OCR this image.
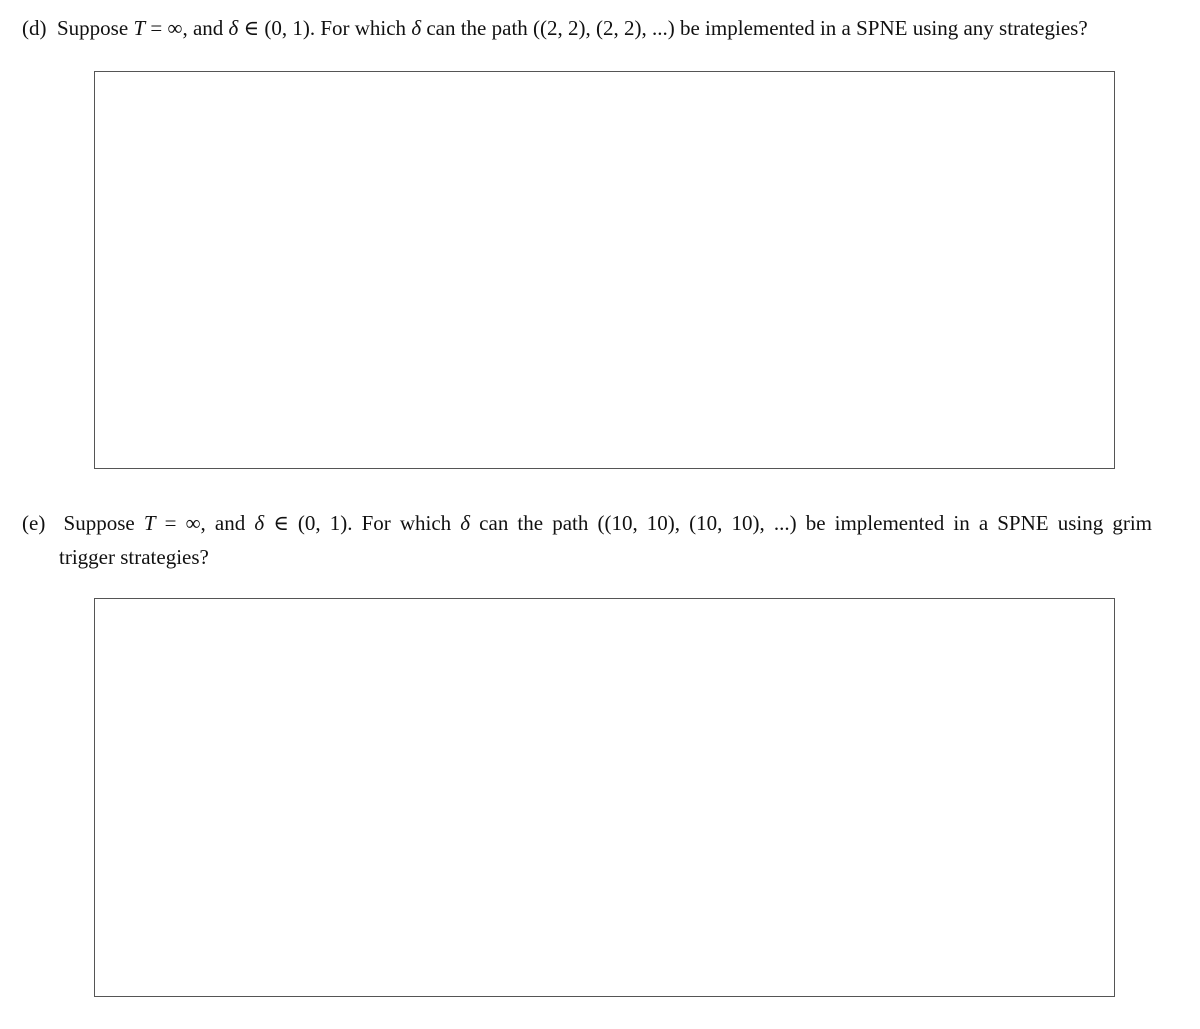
(d) Suppose T = ∞, and δ ∈ (0, 1). For which δ can the path ((2, 2), (2, 2), ...) be implemented in a SPNE using any strategies?
(e) Suppose T = ∞, and δ ∈ (0, 1). For which δ can the path ((10, 10), (10, 10), ...) be implemented in a SPNE using grim
trigger strategies?
